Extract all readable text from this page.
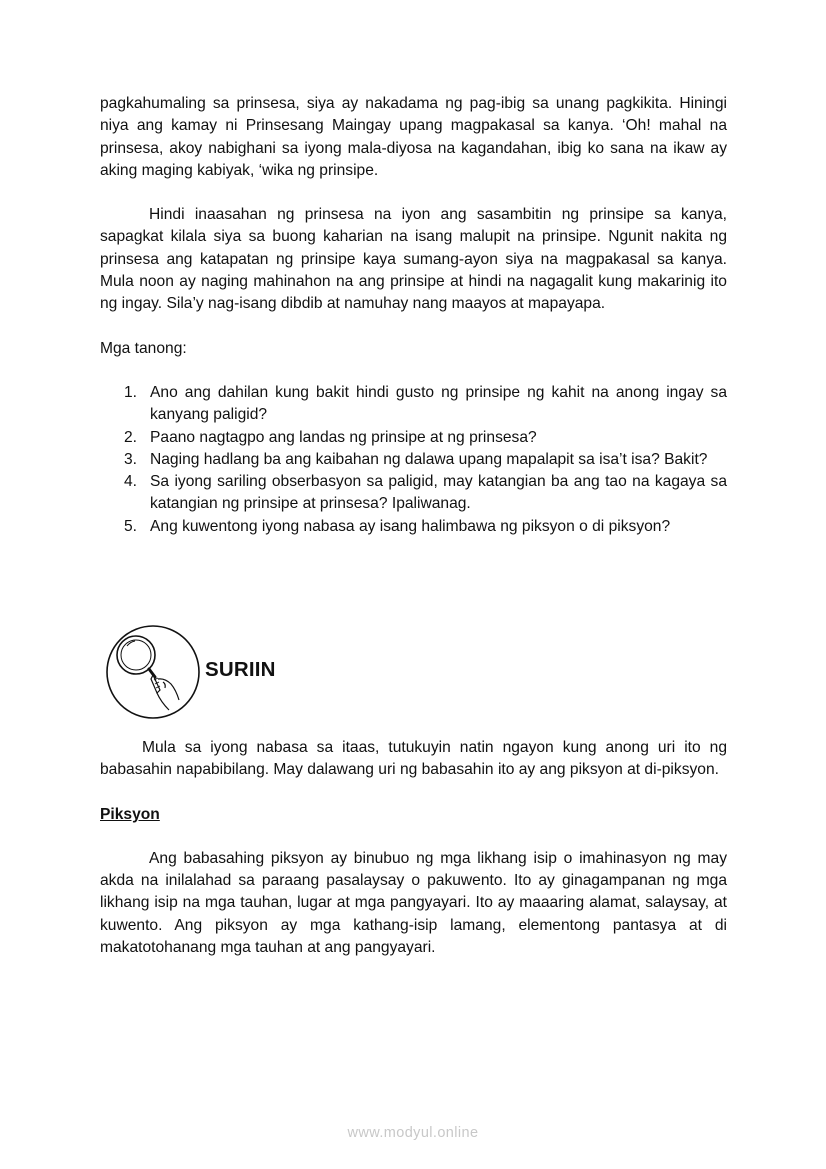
pagkahumaling sa prinsesa, siya ay nakadama ng pag-ibig sa unang pagkikita. Hiningi niya ang kamay ni Prinsesang Maingay upang magpakasal sa kanya. ‘Oh! mahal na prinsesa, akoy nabighani sa iyong mala-diyosa na kagandahan, ibig ko sana na ikaw ay aking maging kabiyak, ‘wika ng prinsipe.

Hindi inaasahan ng prinsesa na iyon ang sasambitin ng prinsipe sa kanya, sapagkat kilala siya sa buong kaharian na isang malupit na prinsipe. Ngunit nakita ng prinsesa ang katapatan ng prinsipe kaya sumang-ayon siya na magpakasal sa kanya. Mula noon ay naging mahinahon na ang prinsipe at hindi na nagagalit kung makarinig ito ng ingay. Sila’y nag-isang dibdib at namuhay nang maayos at mapayapa.

Mga tanong:

1. Ano ang dahilan kung bakit hindi gusto ng prinsipe ng kahit na anong ingay sa kanyang paligid?
2. Paano nagtagpo ang landas ng prinsipe at ng prinsesa?
3. Naging hadlang ba ang kaibahan ng dalawa upang mapalapit sa isa’t isa? Bakit?
4. Sa iyong sariling obserbasyon sa paligid, may katangian ba ang tao na kagaya sa katangian ng prinsipe at prinsesa? Ipaliwanag.
5. Ang kuwentong iyong nabasa ay isang halimbawa ng piksyon o di piksyon?
SURIIN

Mula sa iyong nabasa sa itaas, tutukuyin natin ngayon kung anong uri ito ng babasahin napabibilang. May dalawang uri ng babasahin ito ay ang piksyon at di-piksyon.

Piksyon

Ang babasahing piksyon ay binubuo ng mga likhang isip o imahinasyon ng may akda na inilalahad sa paraang pasalaysay o pakuwento. Ito ay ginagampanan ng mga likhang isip na mga tauhan, lugar at mga pangyayari. Ito ay maaaring alamat, salaysay, at kuwento. Ang piksyon ay mga kathang-isip lamang, elementong pantasya at di makatotohanang mga tauhan at ang pangyayari.

www.modyul.online
